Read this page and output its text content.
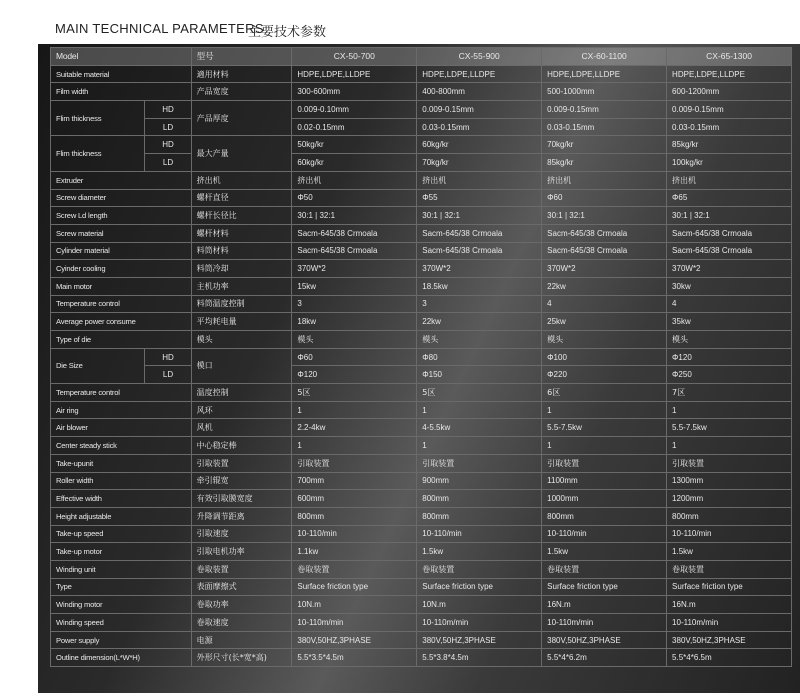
MAIN TECHNICAL PARAMETERS
主要技术参数
Model		型号	CX-50-700	CX-55-900	CX-60-1100	CX-65-1300
Suitable material		適用材料	HDPE,LDPE,LLDPE	HDPE,LDPE,LLDPE	HDPE,LDPE,LLDPE	HDPE,LDPE,LLDPE
Film width		产品宽度	300-600mm	400-800mm	500-1000mm	600-1200mm
Flim thickness	HD	产品厚度	0.009-0.10mm	0.009-0.15mm	0.009-0.15mm	0.009-0.15mm
	LD		0.02-0.15mm	0.03-0.15mm	0.03-0.15mm	0.03-0.15mm
Flim thickness	HD	最大产量	50kg/kr	60kg/kr	70kg/kr	85kg/kr
	LD		60kg/kr	70kg/kr	85kg/kr	100kg/kr
Extruder		挤出机	挤出机	挤出机	挤出机	挤出机
Screw diameter		螺杆直径	Φ50	Φ55	Φ60	Φ65
Screw Ld length		螺杆长径比	30:1 | 32:1	30:1 | 32:1	30:1 | 32:1	30:1 | 32:1
Screw material		螺杆材料	Sacm-645/38 Crmoala	Sacm-645/38 Crmoala	Sacm-645/38 Crmoala	Sacm-645/38 Crmoala
Cylinder material		料筒材料	Sacm-645/38 Crmoala	Sacm-645/38 Crmoala	Sacm-645/38 Crmoala	Sacm-645/38 Crmoala
Cyinder cooling		料筒冷却	370W*2	370W*2	370W*2	370W*2
Main motor		主机功率	15kw	18.5kw	22kw	30kw
Temperature control		料筒温度控制	3	3	4	4
Average power consume		平均耗电量	18kw	22kw	25kw	35kw
Type of die		模头	模头	模头	模头	模头
Die Size	HD	模口	Φ60	Φ80	Φ100	Φ120
	LD		Φ120	Φ150	Φ220	Φ250
Temperature control		温度控制	5区	5区	6区	7区
Air ring		风环	1	1	1	1
Air blower		风机	2.2-4kw	4-5.5kw	5.5-7.5kw	5.5-7.5kw
Center steady stick		中心稳定棒	1	1	1	1
Take-upunit		引取装置	引取装置	引取装置	引取装置	引取装置
Roller width		牵引辊宽	700mm	900mm	1100mm	1300mm
Effective width		有效引取膜宽度	600mm	800mm	1000mm	1200mm
Height adjustable		升降调节距离	800mm	800mm	800mm	800mm
Take-up speed		引取速度	10-110/min	10-110/min	10-110/min	10-110/min
Take-up motor		引取电机功率	1.1kw	1.5kw	1.5kw	1.5kw
Winding unit		卷取装置	卷取装置	卷取装置	卷取装置	卷取装置
Type		表面摩擦式	Surface friction type	Surface friction type	Surface friction type	Surface friction type
Winding motor		卷取功率	10N.m	10N.m	16N.m	16N.m
Winding speed		卷取速度	10-110m/min	10-110m/min	10-110m/min	10-110m/min
Power supply		电源	380V,50HZ,3PHASE	380V,50HZ,3PHASE	380V,50HZ,3PHASE	380V,50HZ,3PHASE
Outline dimension(L*W*H)		外形尺寸(长*宽*高)	5.5*3.5*4.5m	5.5*3.8*4.5m	5.5*4*6.2m	5.5*4*6.5m
